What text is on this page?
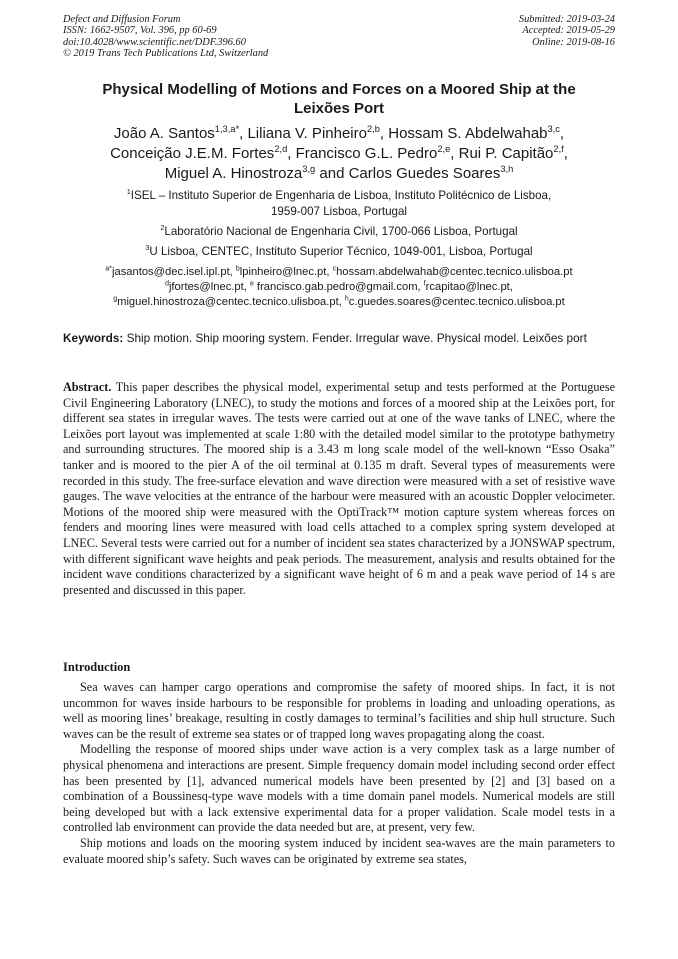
Defect and Diffusion Forum
ISSN: 1662-9507, Vol. 396, pp 60-69
doi:10.4028/www.scientific.net/DDF.396.60
© 2019 Trans Tech Publications Ltd, Switzerland
Submitted: 2019-03-24
Accepted: 2019-05-29
Online: 2019-08-16
Physical Modelling of Motions and Forces on a Moored Ship at the
Leixões Port
João A. Santos$^{1,3,a*}$, Liliana V. Pinheiro$^{2,b}$, Hossam S. Abdelwahab$^{3,c}$,
Conceição J.E.M. Fortes$^{2,d}$, Francisco G.L. Pedro$^{2,e}$, Rui P. Capitão$^{2,f}$,
Miguel A. Hinostroza$^{3,g}$ and Carlos Guedes Soares$^{3,h}$
$^1$ISEL – Instituto Superior de Engenharia de Lisboa, Instituto Politécnico de Lisboa,
1959-007 Lisboa, Portugal
$^2$Laboratório Nacional de Engenharia Civil, 1700-066 Lisboa, Portugal
$^3$U Lisboa, CENTEC, Instituto Superior Técnico, 1049-001, Lisboa, Portugal
$^{a*}$jasantos@dec.isel.ipl.pt, $^b$lpinheiro@lnec.pt, $^c$hossam.abdelwahab@centec.tecnico.ulisboa.pt
$^d$jfortes@lnec.pt, $^e$ francisco.gab.pedro@gmail.com, $^f$rcapitao@lnec.pt,
$^g$miguel.hinostroza@centec.tecnico.ulisboa.pt, $^h$c.guedes.soares@centec.tecnico.ulisboa.pt
Keywords: Ship motion. Ship mooring system. Fender. Irregular wave. Physical model. Leixões port
Abstract. This paper describes the physical model, experimental setup and tests performed at the Portuguese Civil Engineering Laboratory (LNEC), to study the motions and forces of a moored ship at the Leixões port, for different sea states in irregular waves. The tests were carried out at one of the wave tanks of LNEC, where the Leixões port layout was implemented at scale 1:80 with the detailed model similar to the prototype bathymetry and surrounding structures. The moored ship is a 3.43 m long scale model of the well-known “Esso Osaka” tanker and is moored to the pier A of the oil terminal at 0.135 m draft. Several types of measurements were recorded in this study. The free-surface elevation and wave direction were measured with a set of resistive wave gauges. The wave velocities at the entrance of the harbour were measured with an acoustic Doppler velocimeter. Motions of the moored ship were measured with the OptiTrack™ motion capture system whereas forces on fenders and mooring lines were measured with load cells attached to a complex spring system developed at LNEC. Several tests were carried out for a number of incident sea states characterized by a JONSWAP spectrum, with different significant wave heights and peak periods. The measurement, analysis and results obtained for the incident wave conditions characterized by a significant wave height of 6 m and a peak wave period of 14 s are presented and discussed in this paper.
Introduction

Sea waves can hamper cargo operations and compromise the safety of moored ships. In fact, it is not uncommon for waves inside harbours to be responsible for problems in loading and unloading operations, as well as mooring lines’ breakage, resulting in costly damages to terminal’s facilities and ship hull structure. Such waves can be the result of extreme sea states or of trapped long waves propagating along the coast.

Modelling the response of moored ships under wave action is a very complex task as a large number of physical phenomena and interactions are present. Simple frequency domain model including second order effect has been presented by [1], advanced numerical models have been presented by [2] and [3] based on a combination of a Boussinesq-type wave models with a time domain panel models. Numerical models are still being developed but with a lack extensive experimental data for a proper validation. Scale model tests in a controlled lab environment can provide the data needed but are, at present, very few.

Ship motions and loads on the mooring system induced by incident sea-waves are the main parameters to evaluate moored ship’s safety. Such waves can be originated by extreme sea states,
